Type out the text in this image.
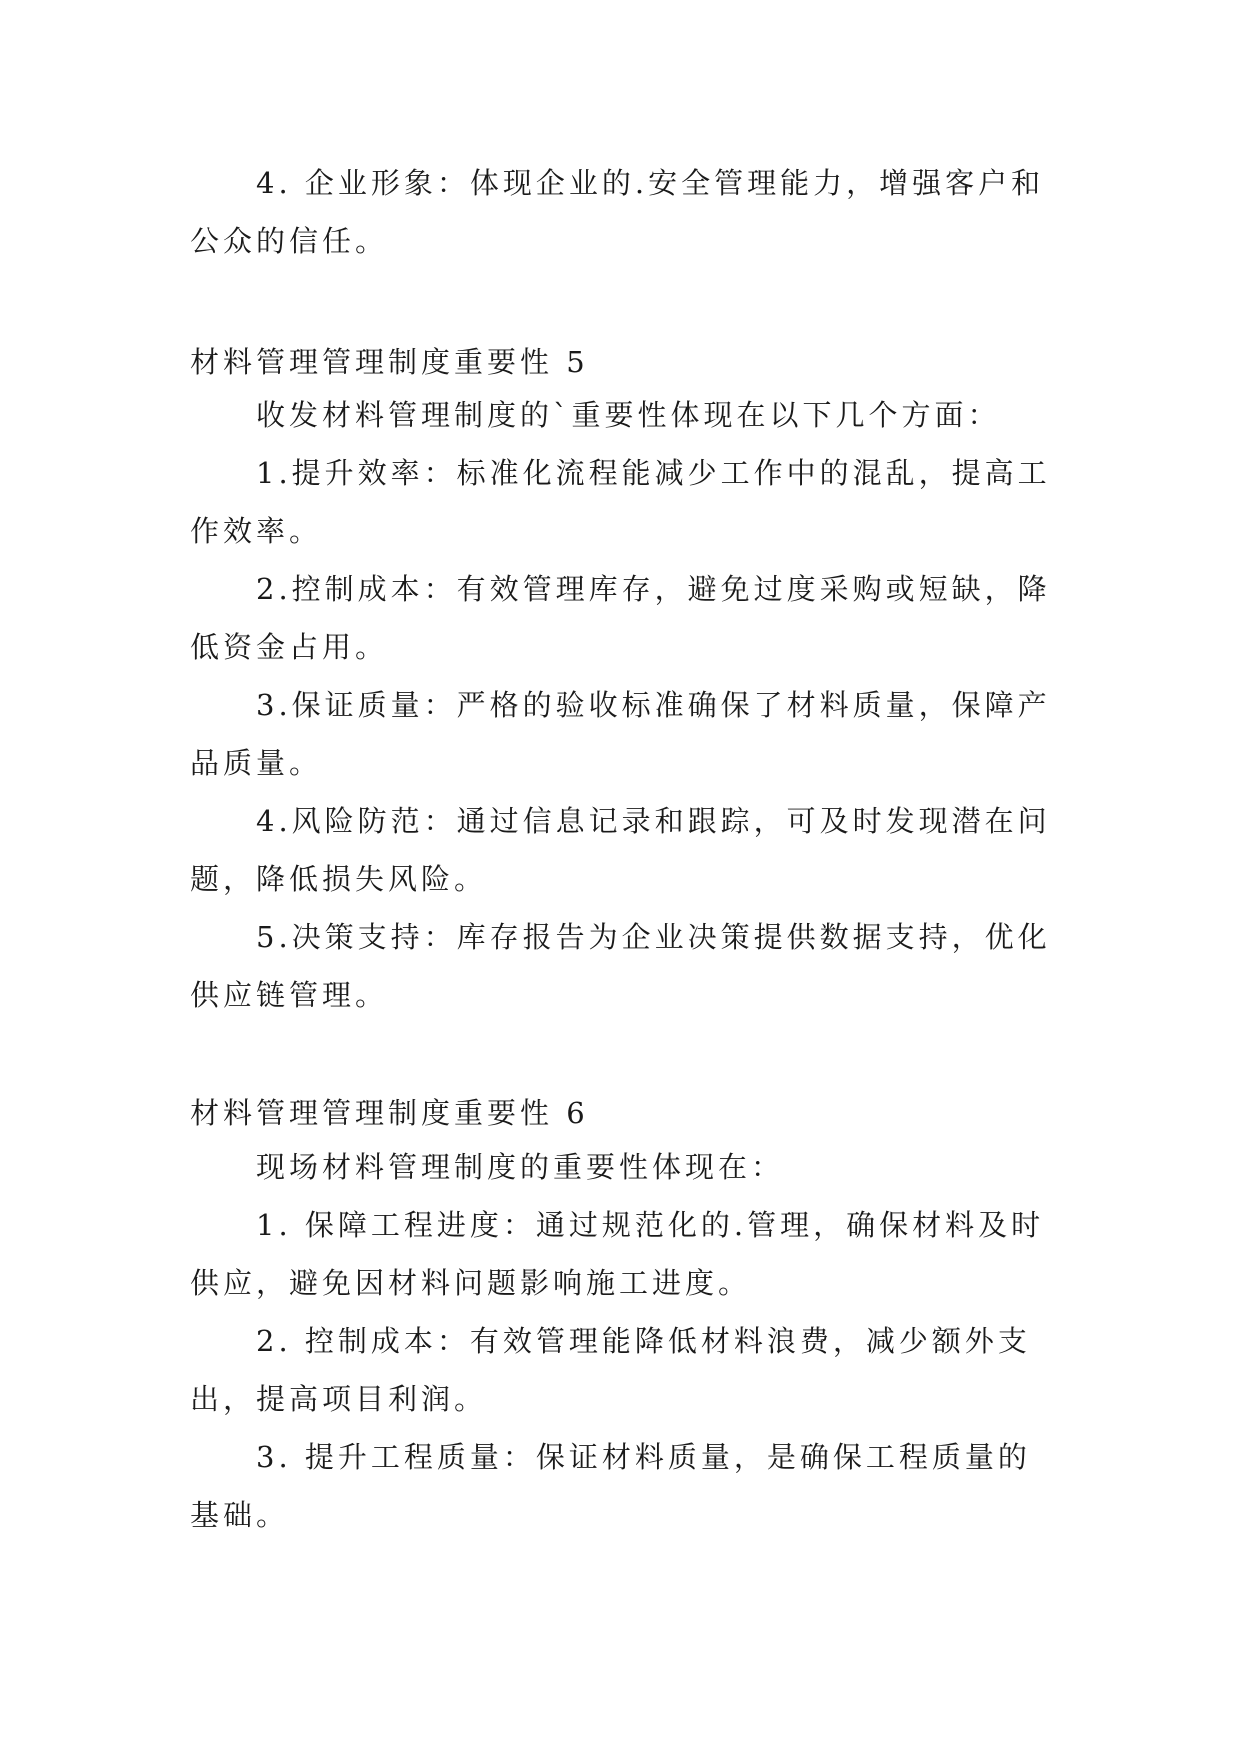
4. 企业形象：体现企业的.安全管理能力，增强客户和
公众的信任。

材料管理管理制度重要性 5

收发材料管理制度的`重要性体现在以下几个方面：

1.提升效率：标准化流程能减少工作中的混乱，提高工
作效率。

2.控制成本：有效管理库存，避免过度采购或短缺，降
低资金占用。

3.保证质量：严格的验收标准确保了材料质量，保障产
品质量。

4.风险防范：通过信息记录和跟踪，可及时发现潜在问
题，降低损失风险。

5.决策支持：库存报告为企业决策提供数据支持，优化
供应链管理。

材料管理管理制度重要性 6

现场材料管理制度的重要性体现在：

1. 保障工程进度：通过规范化的.管理，确保材料及时
供应，避免因材料问题影响施工进度。

2. 控制成本：有效管理能降低材料浪费，减少额外支
出，提高项目利润。

3. 提升工程质量：保证材料质量，是确保工程质量的
基础。
